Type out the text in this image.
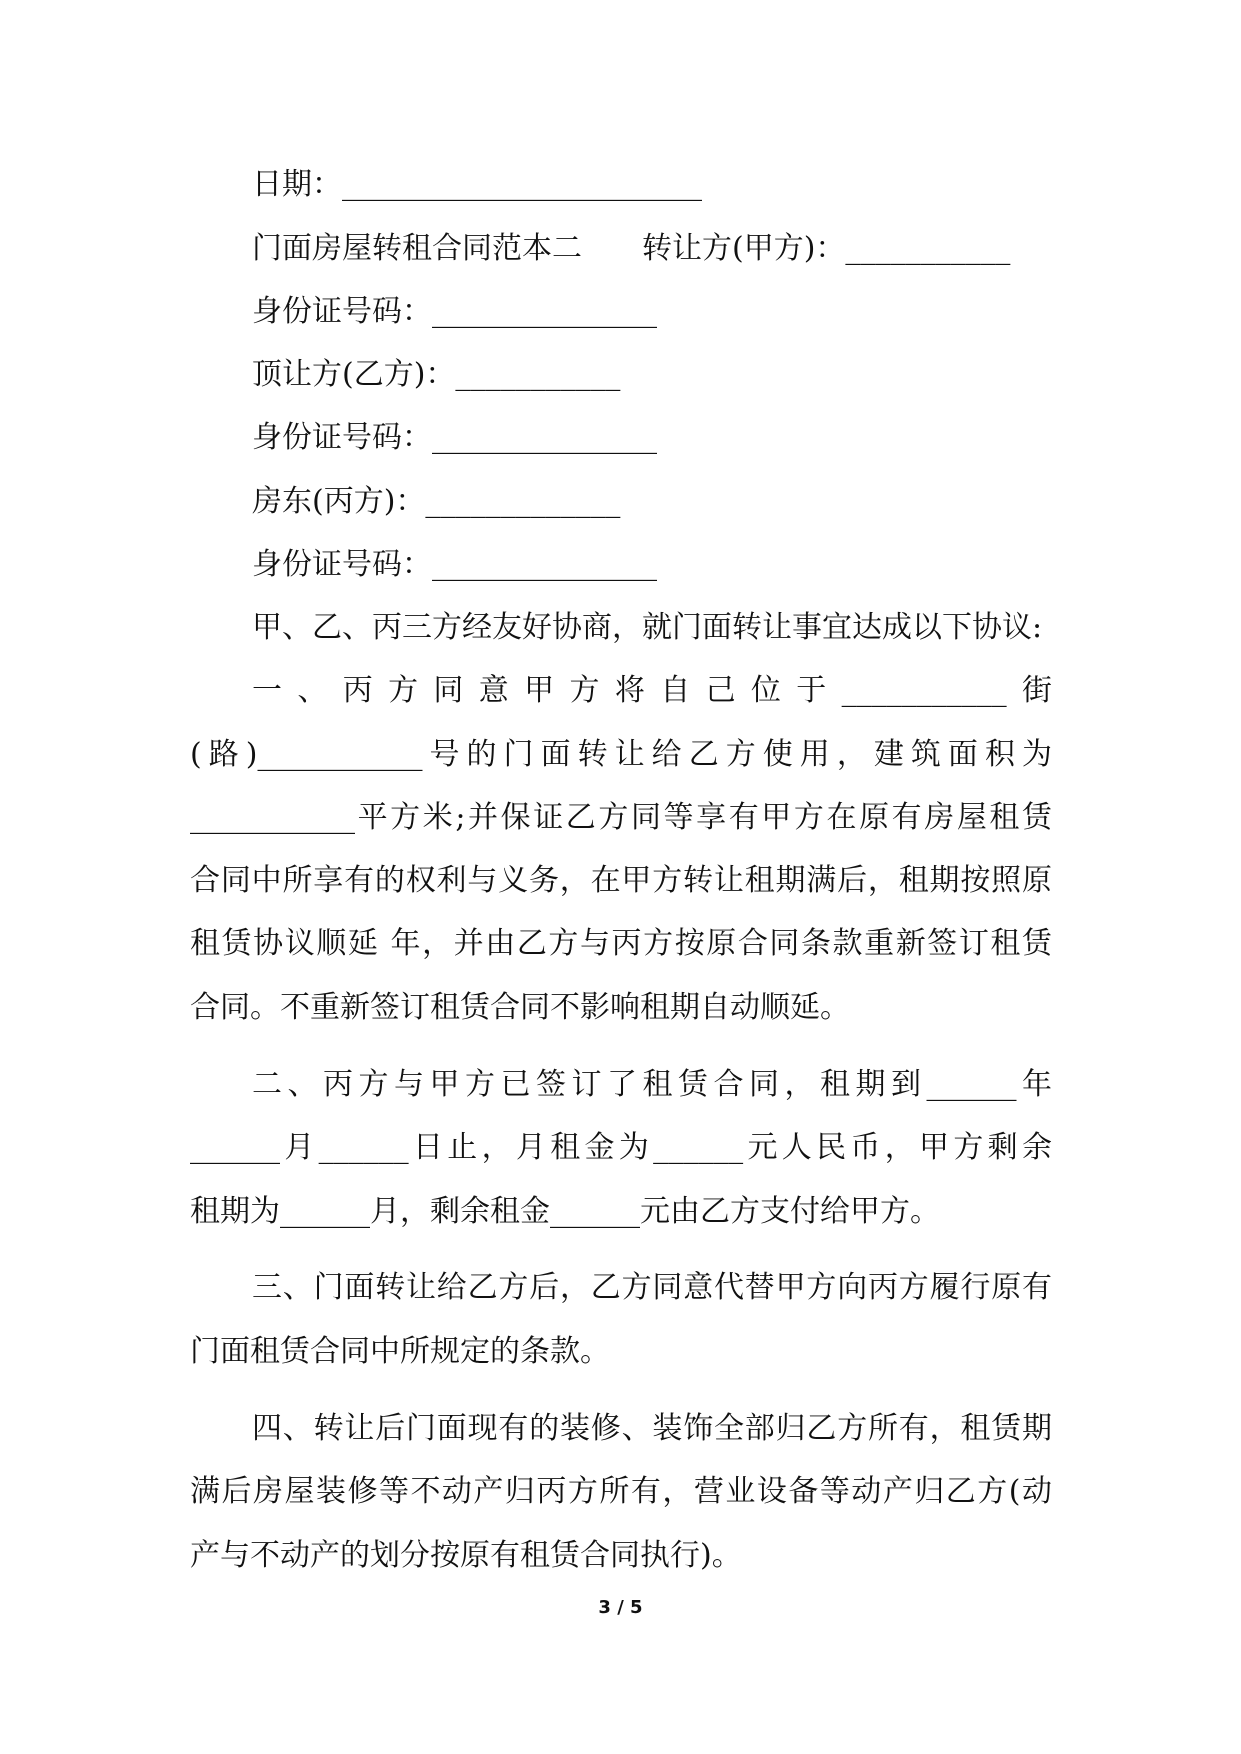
日期：________________________
门面房屋转租合同范本二　　转让方(甲方)：___________
身份证号码：_______________
顶让方(乙方)：___________
身份证号码：_______________
房东(丙方)：_____________
身份证号码：_______________
甲、乙、丙三方经友好协商，就门面转让事宜达成以下协议:
一、丙方同意甲方将自己位于___________街
(路)___________号的门面转让给乙方使用，建筑面积为
___________平方米;并保证乙方同等享有甲方在原有房屋租赁
合同中所享有的权利与义务，在甲方转让租期满后，租期按照原
租赁协议顺延 年，并由乙方与丙方按原合同条款重新签订租赁
合同。不重新签订租赁合同不影响租期自动顺延。
二、丙方与甲方已签订了租赁合同，租期到______年
______月______日止，月租金为______元人民币，甲方剩余
租期为______月，剩余租金______元由乙方支付给甲方。
三、门面转让给乙方后，乙方同意代替甲方向丙方履行原有
门面租赁合同中所规定的条款。
四、转让后门面现有的装修、装饰全部归乙方所有，租赁期
满后房屋装修等不动产归丙方所有，营业设备等动产归乙方(动
产与不动产的划分按原有租赁合同执行)。
3 / 5
